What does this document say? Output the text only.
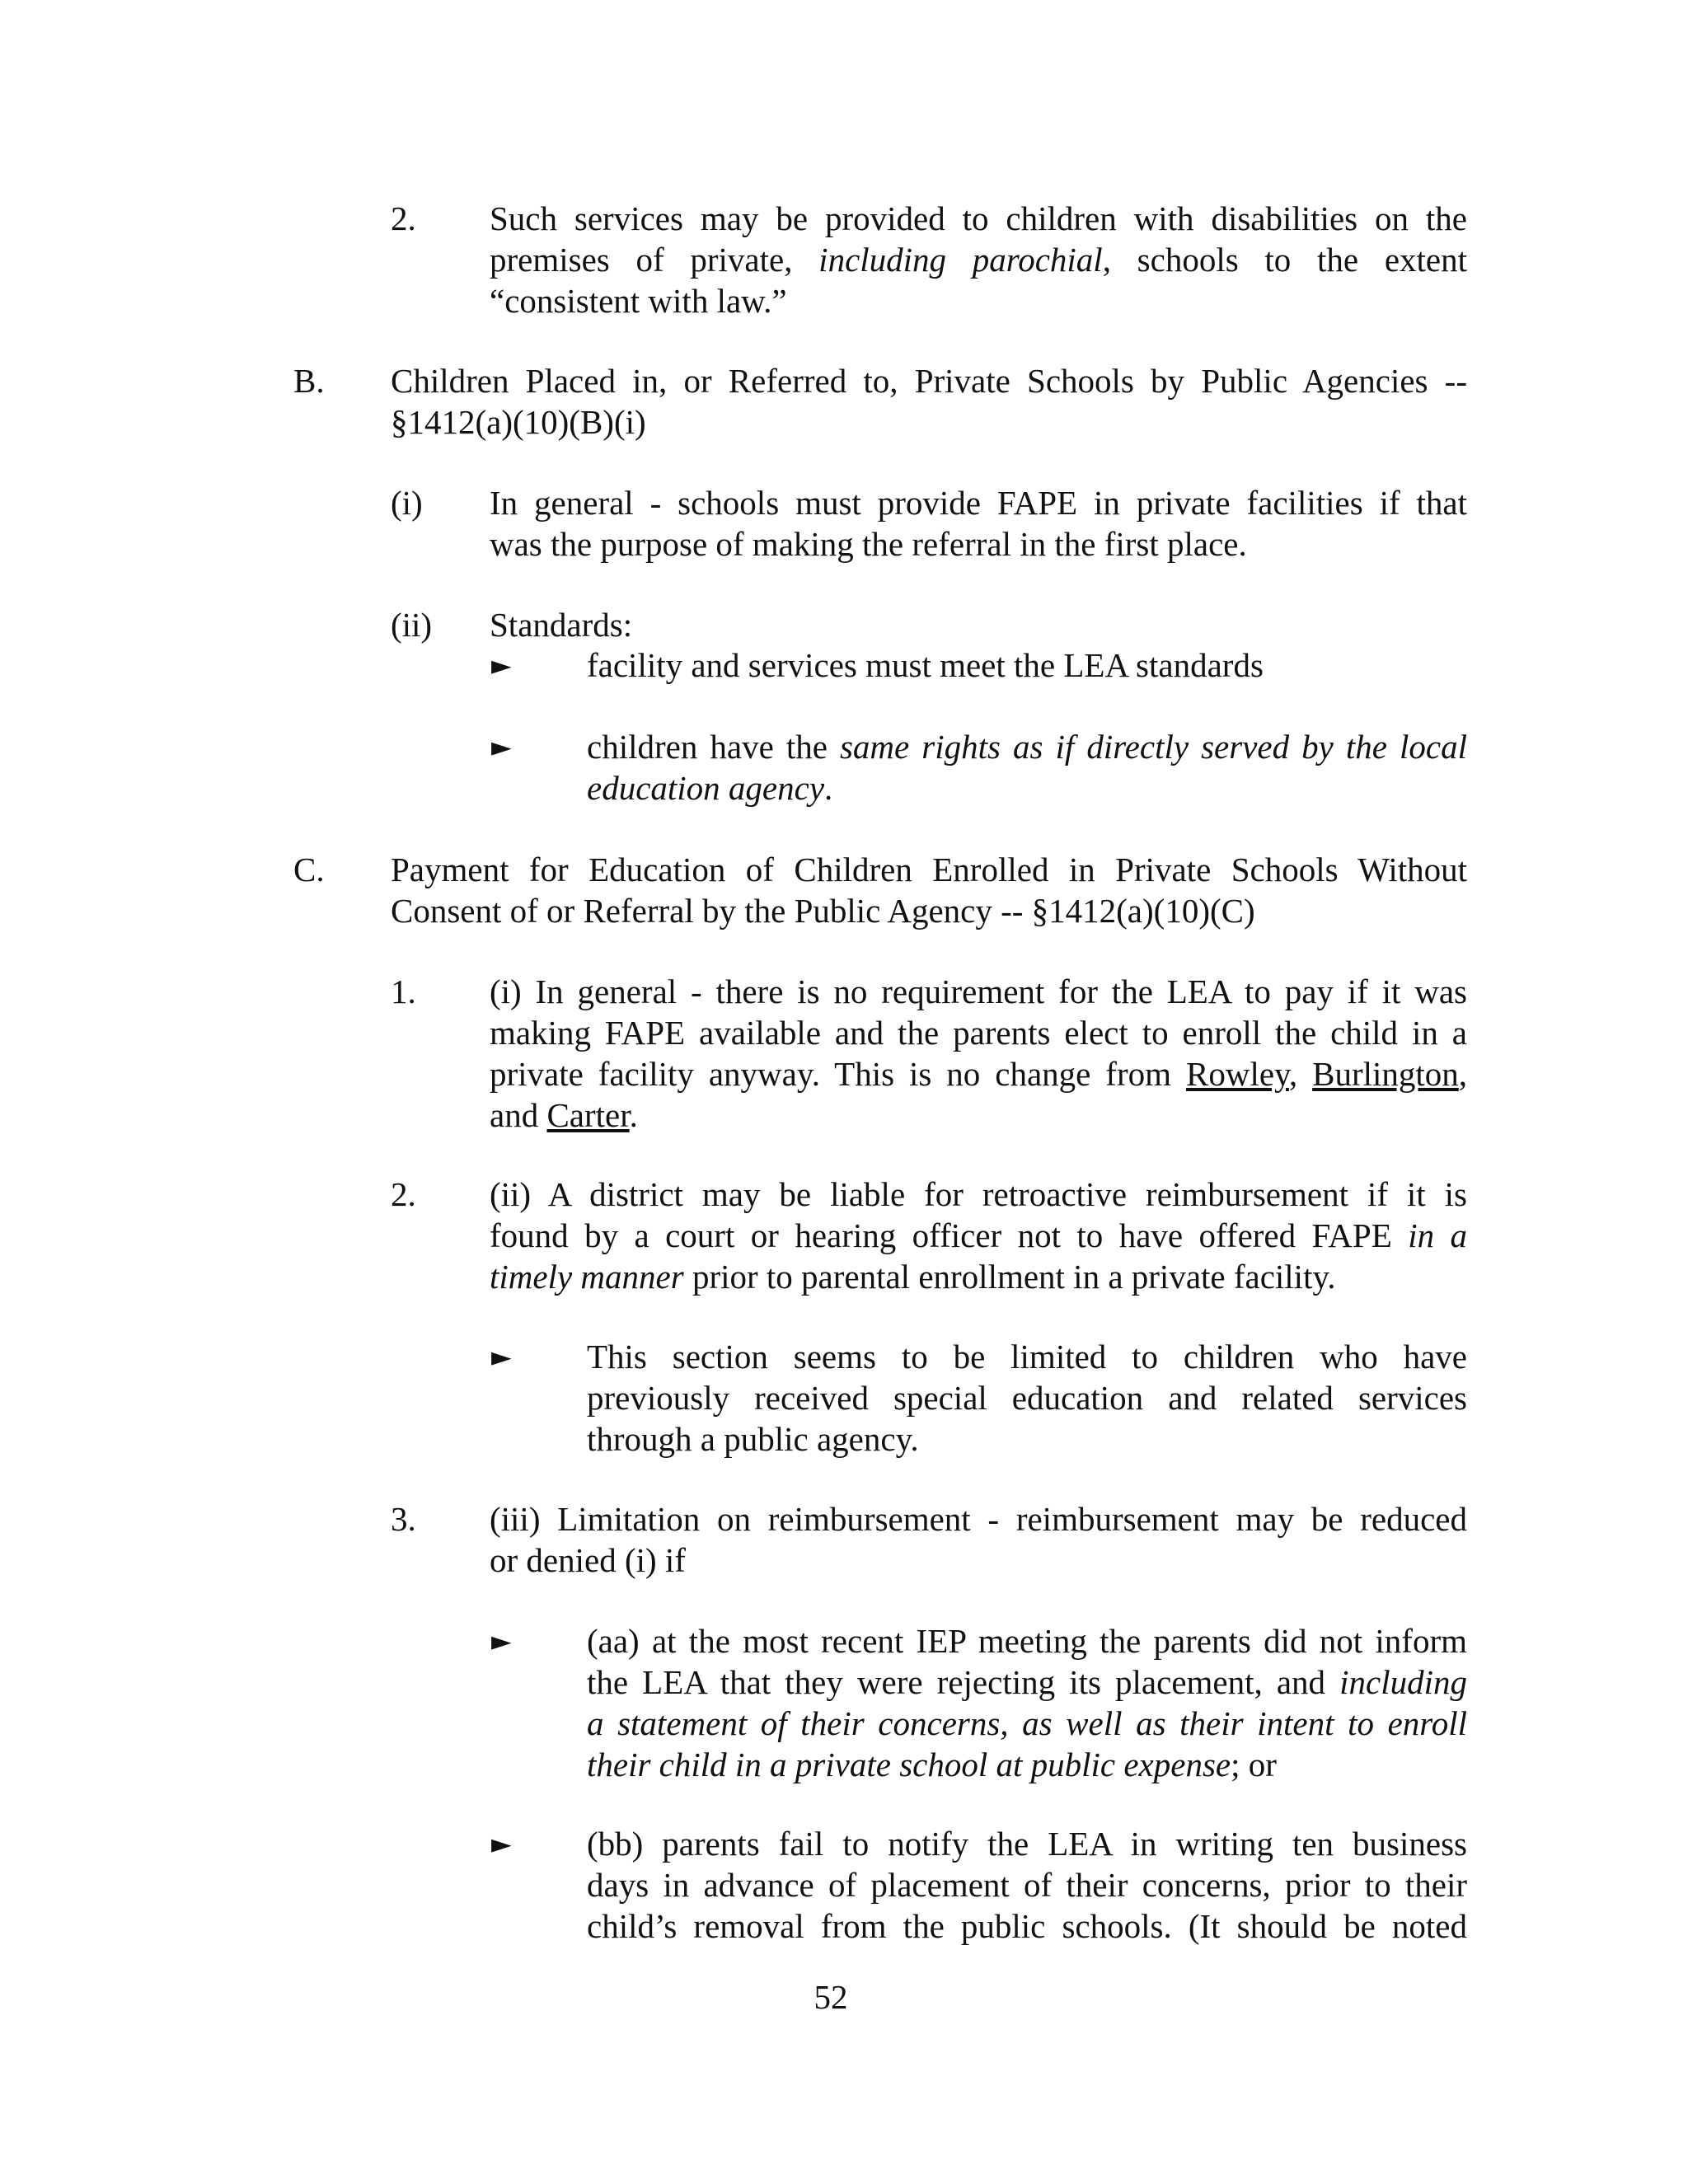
2. Such services may be provided to children with disabilities on the
premises of private, including parochial, schools to the extent
“consistent with law.”
B. Children Placed in, or Referred to, Private Schools by Public Agencies --
§1412(a)(10)(B)(i)
(i) In general - schools must provide FAPE in private facilities if that
was the purpose of making the referral in the first place.
(ii) Standards:
► facility and services must meet the LEA standards
► children have the same rights as if directly served by the local
education agency.
C. Payment for Education of Children Enrolled in Private Schools Without
Consent of or Referral by the Public Agency -- §1412(a)(10)(C)
1. (i) In general - there is no requirement for the LEA to pay if it was
making FAPE available and the parents elect to enroll the child in a
private facility anyway. This is no change from Rowley, Burlington,
and Carter.
2. (ii) A district may be liable for retroactive reimbursement if it is
found by a court or hearing officer not to have offered FAPE in a
timely manner prior to parental enrollment in a private facility.
► This section seems to be limited to children who have
previously received special education and related services
through a public agency.
3. (iii) Limitation on reimbursement - reimbursement may be reduced
or denied (i) if
► (aa) at the most recent IEP meeting the parents did not inform
the LEA that they were rejecting its placement, and including
a statement of their concerns, as well as their intent to enroll
their child in a private school at public expense; or
► (bb) parents fail to notify the LEA in writing ten business
days in advance of placement of their concerns, prior to their
child’s removal from the public schools. (It should be noted
52
